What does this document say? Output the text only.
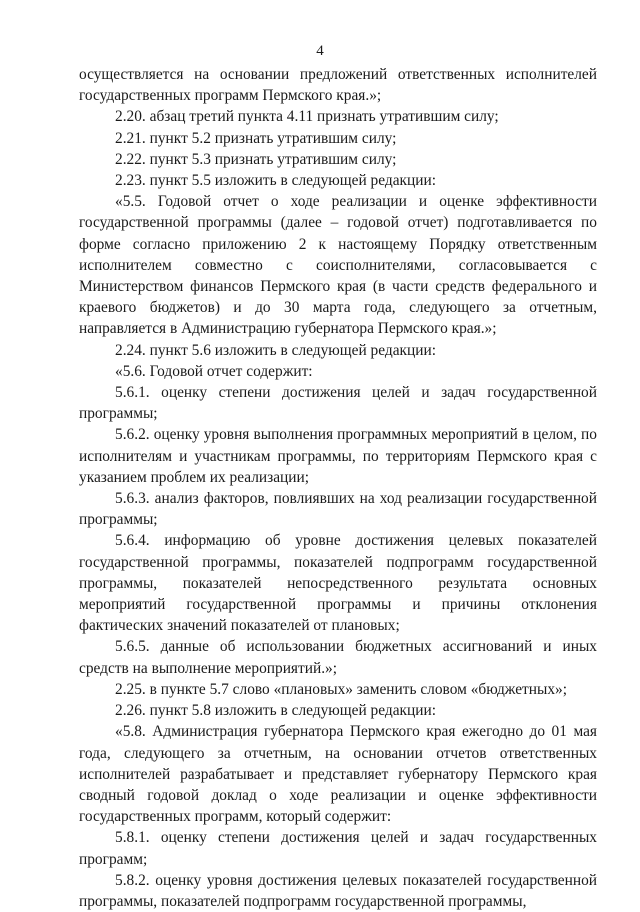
4

осуществляется на основании предложений ответственных исполнителей государственных программ Пермского края.»;

2.20. абзац третий пункта 4.11 признать утратившим силу;

2.21. пункт 5.2 признать утратившим силу;

2.22. пункт 5.3 признать утратившим силу;

2.23. пункт 5.5 изложить в следующей редакции:

«5.5. Годовой отчет о ходе реализации и оценке эффективности государственной программы (далее – годовой отчет) подготавливается по форме согласно приложению 2 к настоящему Порядку ответственным исполнителем совместно с соисполнителями, согласовывается с Министерством финансов Пермского края (в части средств федерального и краевого бюджетов) и до 30 марта года, следующего за отчетным, направляется в Администрацию губернатора Пермского края.»;

2.24. пункт 5.6 изложить в следующей редакции:

«5.6. Годовой отчет содержит:

5.6.1. оценку степени достижения целей и задач государственной программы;

5.6.2. оценку уровня выполнения программных мероприятий в целом, по исполнителям и участникам программы, по территориям Пермского края с указанием проблем их реализации;

5.6.3. анализ факторов, повлиявших на ход реализации государственной программы;

5.6.4. информацию об уровне достижения целевых показателей государственной программы, показателей подпрограмм государственной программы, показателей непосредственного результата основных мероприятий государственной программы и причины отклонения фактических значений показателей от плановых;

5.6.5. данные об использовании бюджетных ассигнований и иных средств на выполнение мероприятий.»;

2.25. в пункте 5.7 слово «плановых» заменить словом «бюджетных»;

2.26. пункт 5.8 изложить в следующей редакции:

«5.8. Администрация губернатора Пермского края ежегодно до 01 мая года, следующего за отчетным, на основании отчетов ответственных исполнителей разрабатывает и представляет губернатору Пермского края сводный годовой доклад о ходе реализации и оценке эффективности государственных программ, который содержит:

5.8.1. оценку степени достижения целей и задач государственных программ;

5.8.2. оценку уровня достижения целевых показателей государственной программы, показателей подпрограмм государственной программы,
